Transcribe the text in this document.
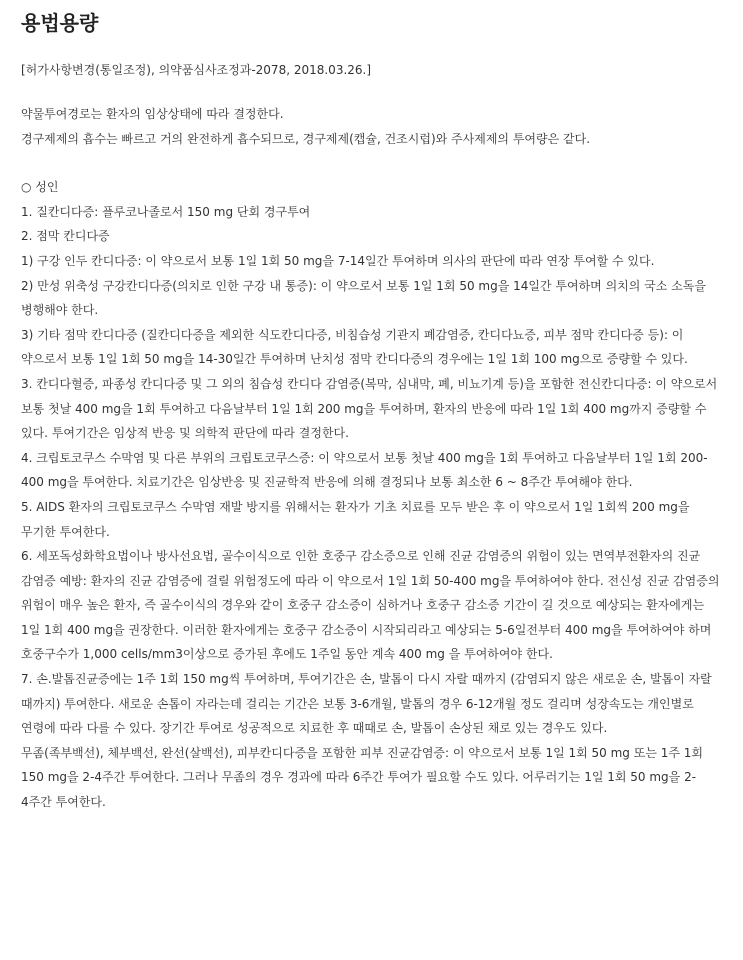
용법용량
[허가사항변경(통일조정), 의약품심사조정과-2078, 2018.03.26.]

약물투여경로는 환자의 임상상태에 따라 결정한다.

경구제제의 흡수는 빠르고 거의 완전하게 흡수되므로, 경구제제(캡슐, 건조시럽)와 주사제제의 투여량은 같다.

○ 성인

1. 질칸디다증: 플루코나졸로서 150 mg 단회 경구투여

2. 점막 칸디다증

1) 구강 인두 칸디다증: 이 약으로서 보통 1일 1회 50 mg을 7-14일간 투여하며 의사의 판단에 따라 연장 투여할 수 있다.

2) 만성 위축성 구강칸디다증(의치로 인한 구강 내 통증): 이 약으로서 보통 1일 1회 50 mg을 14일간 투여하며 의치의 국소 소독을 병행해야 한다.

3) 기타 점막 칸디다증 (질칸디다증을 제외한 식도칸디다증, 비침습성 기관지 폐감염증, 칸디다뇨증, 피부 점막 칸디다증 등): 이 약으로서 보통 1일 1회 50 mg을 14-30일간 투여하며 난치성 점막 칸디다증의 경우에는 1일 1회 100 mg으로 증량할 수 있다.

3. 칸디다혈증, 파종성 칸디다증 및 그 외의 침습성 칸디다 감염증(복막, 심내막, 폐, 비뇨기계 등)을 포함한 전신칸디다증: 이 약으로서 보통 첫날 400 mg을 1회 투여하고 다음날부터 1일 1회 200 mg을 투여하며, 환자의 반응에 따라 1일 1회 400 mg까지 증량할 수 있다. 투여기간은 임상적 반응 및 의학적 판단에 따라 결정한다.

4. 크립토코쿠스 수막염 및 다른 부위의 크립토코쿠스증: 이 약으로서 보통 첫날 400 mg을 1회 투여하고 다음날부터 1일 1회 200-400 mg을 투여한다. 치료기간은 임상반응 및 진균학적 반응에 의해 결정되나 보통 최소한 6 ~ 8주간 투여해야 한다.

5. AIDS 환자의 크립토코쿠스 수막염 재발 방지를 위해서는 환자가 기초 치료를 모두 받은 후 이 약으로서 1일 1회씩 200 mg을 무기한 투여한다.

6. 세포독성화학요법이나 방사선요법, 골수이식으로 인한 호중구 감소증으로 인해 진균 감염증의 위험이 있는 면역부전환자의 진균 감염증 예방: 환자의 진균 감염증에 걸릴 위험정도에 따라 이 약으로서 1일 1회 50-400 mg을 투여하여야 한다. 전신성 진균 감염증의 위험이 매우 높은 환자, 즉 골수이식의 경우와 같이 호중구 감소증이 심하거나 호중구 감소증 기간이 길 것으로 예상되는 환자에게는 1일 1회 400 mg을 권장한다. 이러한 환자에게는 호중구 감소증이 시작되리라고 예상되는 5-6일전부터 400 mg을 투여하여야 하며 호중구수가 1,000 cells/mm3이상으로 증가된 후에도 1주일 동안 계속 400 mg 을 투여하여야 한다.

7. 손.발톱진균증에는 1주 1회 150 mg씩 투여하며, 투여기간은 손, 발톱이 다시 자랄 때까지 (감염되지 않은 새로운 손, 발톱이 자랄 때까지) 투여한다. 새로운 손톱이 자라는데 걸리는 기간은 보통 3-6개월, 발톱의 경우 6-12개월 정도 걸리며 성장속도는 개인별로 연령에 따라 다를 수 있다. 장기간 투여로 성공적으로 치료한 후 때때로 손, 발톱이 손상된 채로 있는 경우도 있다.

무좀(족부백선), 체부백선, 완선(살백선), 피부칸디다증을 포함한 피부 진균감염증: 이 약으로서 보통 1일 1회 50 mg 또는 1주 1회 150 mg을 2-4주간 투여한다. 그러나 무좀의 경우 경과에 따라 6주간 투여가 필요할 수도 있다. 어루러기는 1일 1회 50 mg을 2-4주간 투여한다.
